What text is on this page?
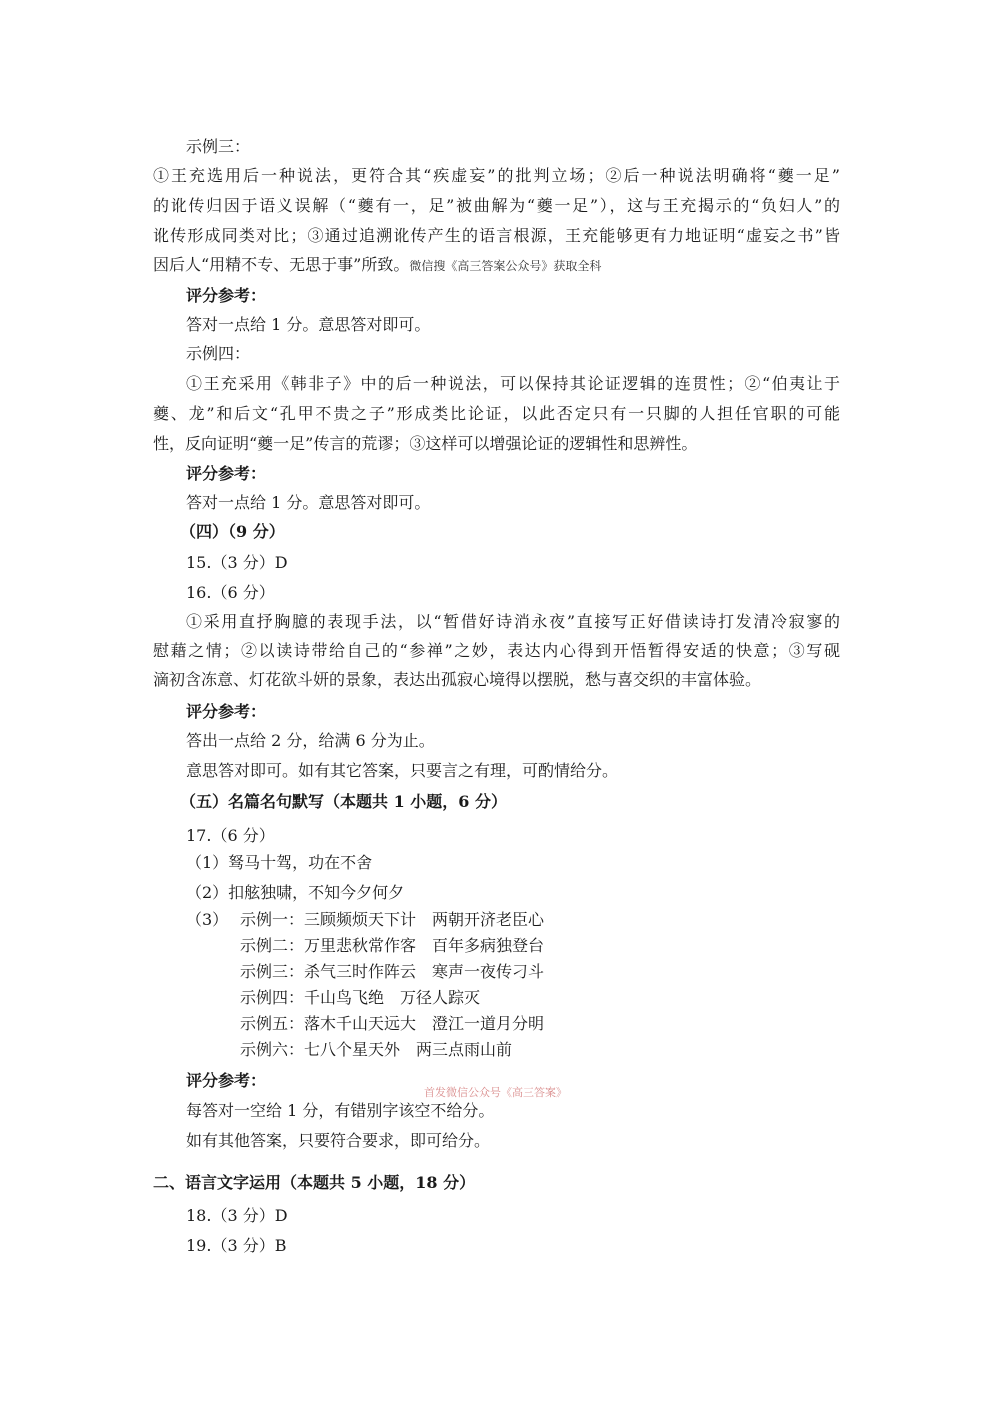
示例三：
①王充选用后一种说法，更符合其“疾虚妄”的批判立场；②后一种说法明确将“夔一足”
的讹传归因于语义误解（“夔有一，足”被曲解为“夔一足”），这与王充揭示的“负妇人”的
讹传形成同类对比；③通过追溯讹传产生的语言根源，王充能够更有力地证明“虚妄之书”皆
因后人“用精不专、无思于事”所致。微信搜《高三答案公众号》获取全科
评分参考：
答对一点给 1 分。意思答对即可。
示例四：
①王充采用《韩非子》中的后一种说法，可以保持其论证逻辑的连贯性；②“伯夷让于
夔、龙”和后文“孔甲不贵之子”形成类比论证，以此否定只有一只脚的人担任官职的可能
性，反向证明“夔一足”传言的荒谬；③这样可以增强论证的逻辑性和思辨性。
评分参考：
答对一点给 1 分。意思答对即可。
（四）（9 分）
15.（3 分）D
16.（6 分）
①采用直抒胸臆的表现手法，以“暂借好诗消永夜”直接写正好借读诗打发清冷寂寥的
慰藉之情；②以读诗带给自己的“参禅”之妙，表达内心得到开悟暂得安适的快意；③写砚
滴初含冻意、灯花欲斗妍的景象，表达出孤寂心境得以摆脱，愁与喜交织的丰富体验。
评分参考：
答出一点给 2 分，给满 6 分为止。
意思答对即可。如有其它答案，只要言之有理，可酌情给分。
（五）名篇名句默写（本题共 1 小题，6 分）
17.（6 分）
（1）驽马十驾，功在不舍
（2）扣舷独啸，不知今夕何夕
（3） 示例一：三顾频烦天下计　两朝开济老臣心
示例二：万里悲秋常作客　百年多病独登台
示例三：杀气三时作阵云　寒声一夜传刁斗
示例四：千山鸟飞绝　万径人踪灭
示例五：落木千山天远大　澄江一道月分明
示例六：七八个星天外　两三点雨山前
评分参考：
首发微信公众号《高三答案》
每答对一空给 1 分，有错别字该空不给分。
如有其他答案，只要符合要求，即可给分。
二、语言文字运用（本题共 5 小题，18 分）
18.（3 分）D
19.（3 分）B
